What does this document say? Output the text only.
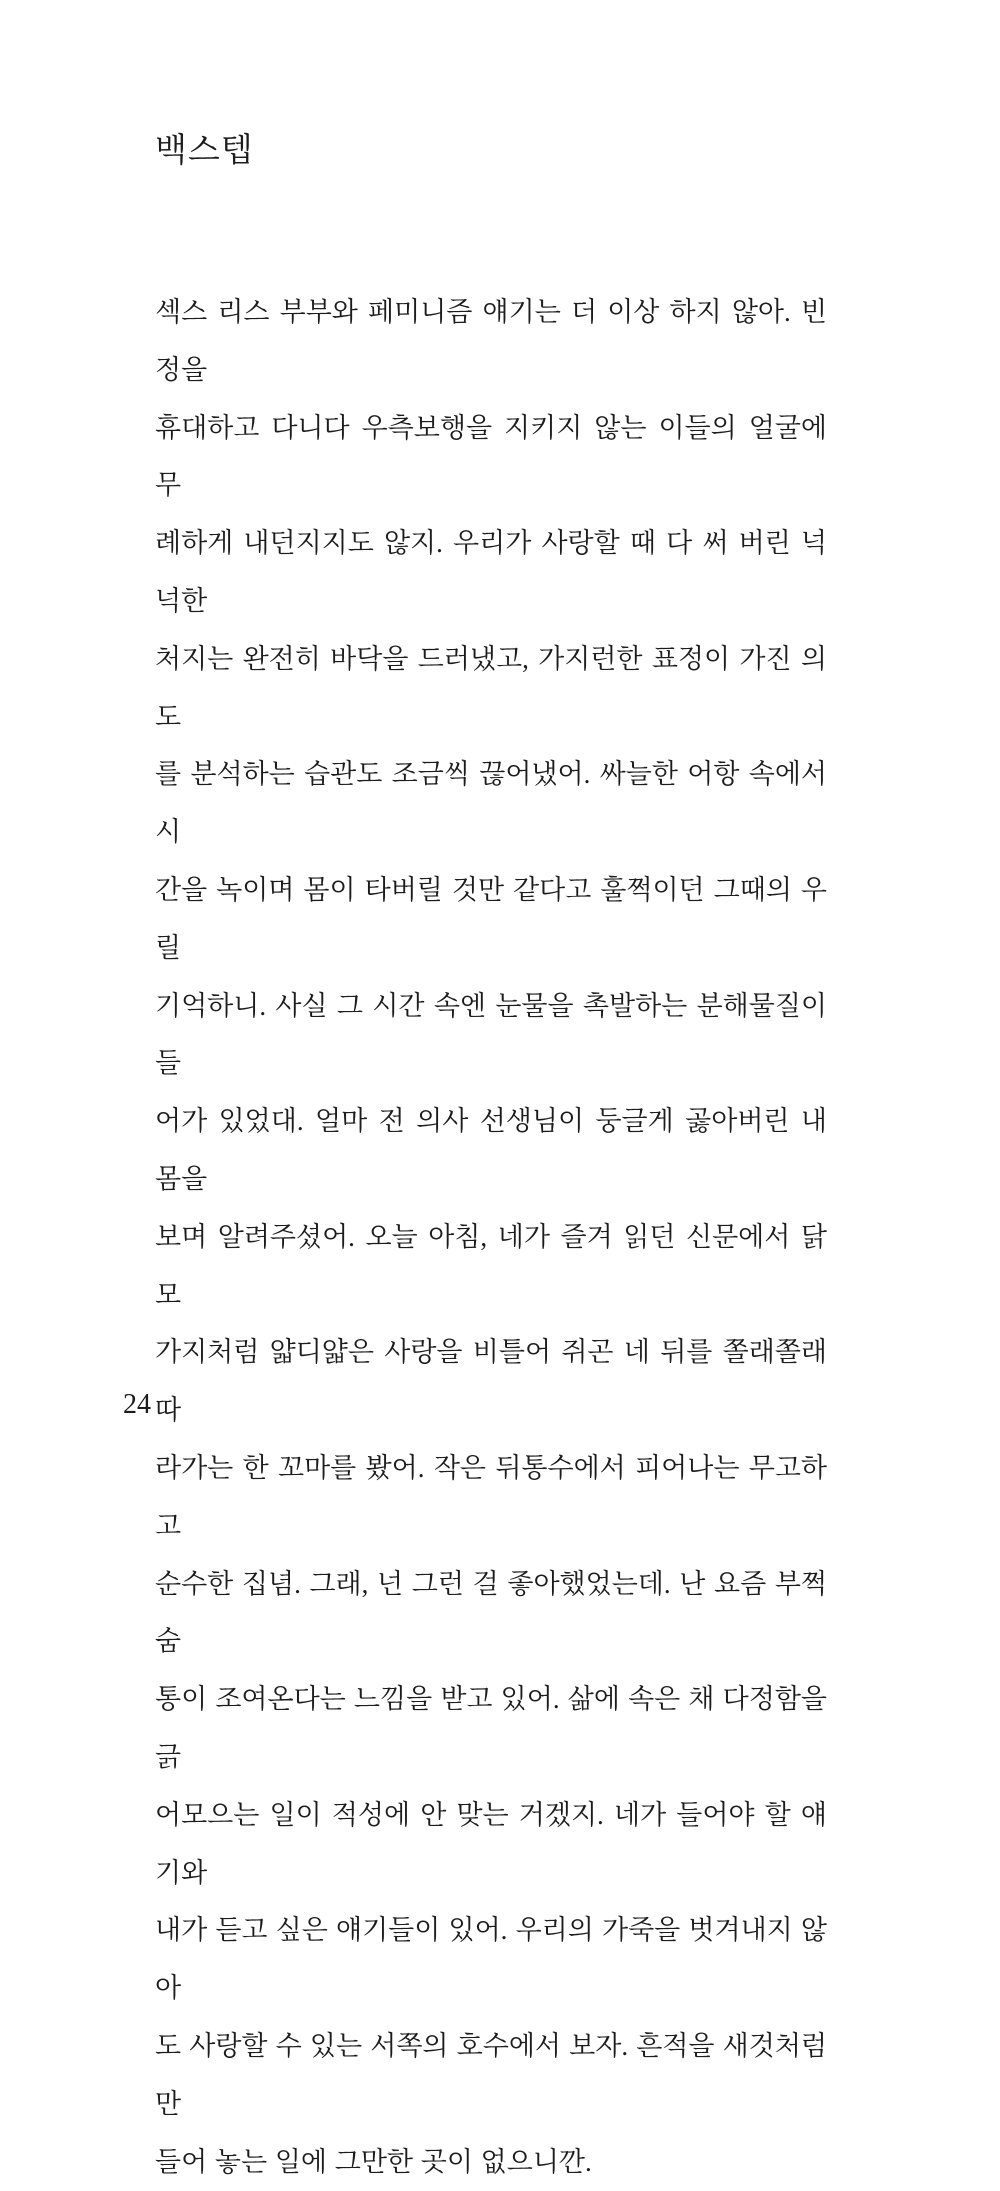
백스텝
섹스 리스 부부와 페미니즘 얘기는 더 이상 하지 않아. 빈정을
휴대하고 다니다 우측보행을 지키지 않는 이들의 얼굴에 무
례하게 내던지지도 않지. 우리가 사랑할 때 다 써 버린 넉넉한
처지는 완전히 바닥을 드러냈고, 가지런한 표정이 가진 의도
를 분석하는 습관도 조금씩 끊어냈어. 싸늘한 어항 속에서 시
간을 녹이며 몸이 타버릴 것만 같다고 훌쩍이던 그때의 우릴
기억하니. 사실 그 시간 속엔 눈물을 촉발하는 분해물질이 들
어가 있었대. 얼마 전 의사 선생님이 둥글게 곯아버린 내 몸을
보며 알려주셨어. 오늘 아침, 네가 즐겨 읽던 신문에서 닭 모
가지처럼 얇디얇은 사랑을 비틀어 쥐곤 네 뒤를 쫄래쫄래 따
라가는 한 꼬마를 봤어. 작은 뒤통수에서 피어나는 무고하고
순수한 집념. 그래, 넌 그런 걸 좋아했었는데. 난 요즘 부쩍 숨
통이 조여온다는 느낌을 받고 있어. 삶에 속은 채 다정함을 긁
어모으는 일이 적성에 안 맞는 거겠지. 네가 들어야 할 얘기와
내가 듣고 싶은 얘기들이 있어. 우리의 가죽을 벗겨내지 않아
도 사랑할 수 있는 서쪽의 호수에서 보자. 흔적을 새것처럼 만
들어 놓는 일에 그만한 곳이 없으니깐.
24
